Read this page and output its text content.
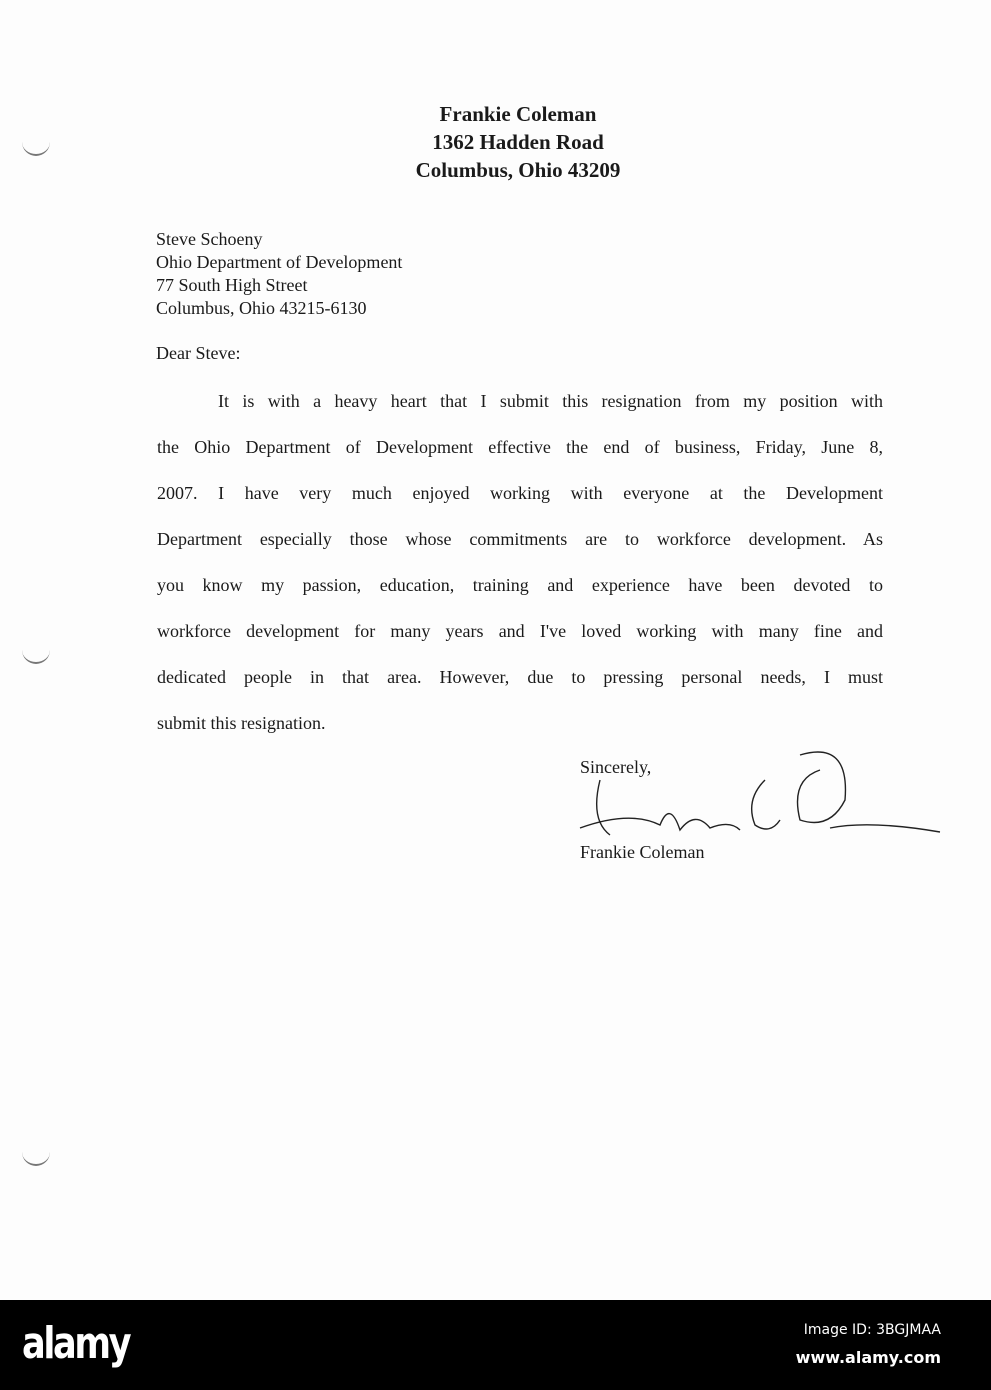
Frankie Coleman
1362 Hadden Road
Columbus, Ohio 43209
Steve Schoeny
Ohio Department of Development
77 South High Street
Columbus, Ohio 43215-6130
Dear Steve:
It is with a heavy heart that I submit this resignation from my position with
the Ohio Department of Development effective the end of business, Friday, June 8,
2007. I have very much enjoyed working with everyone at the Development
Department especially those whose commitments are to workforce development. As
you know my passion, education, training and experience have been devoted to
workforce development for many years and I've loved working with many fine and
dedicated people in that area. However, due to pressing personal needs, I must
submit this resignation.
Sincerely,
Frankie Coleman
alamy	Image ID: 3BGJMAA
www.alamy.com
